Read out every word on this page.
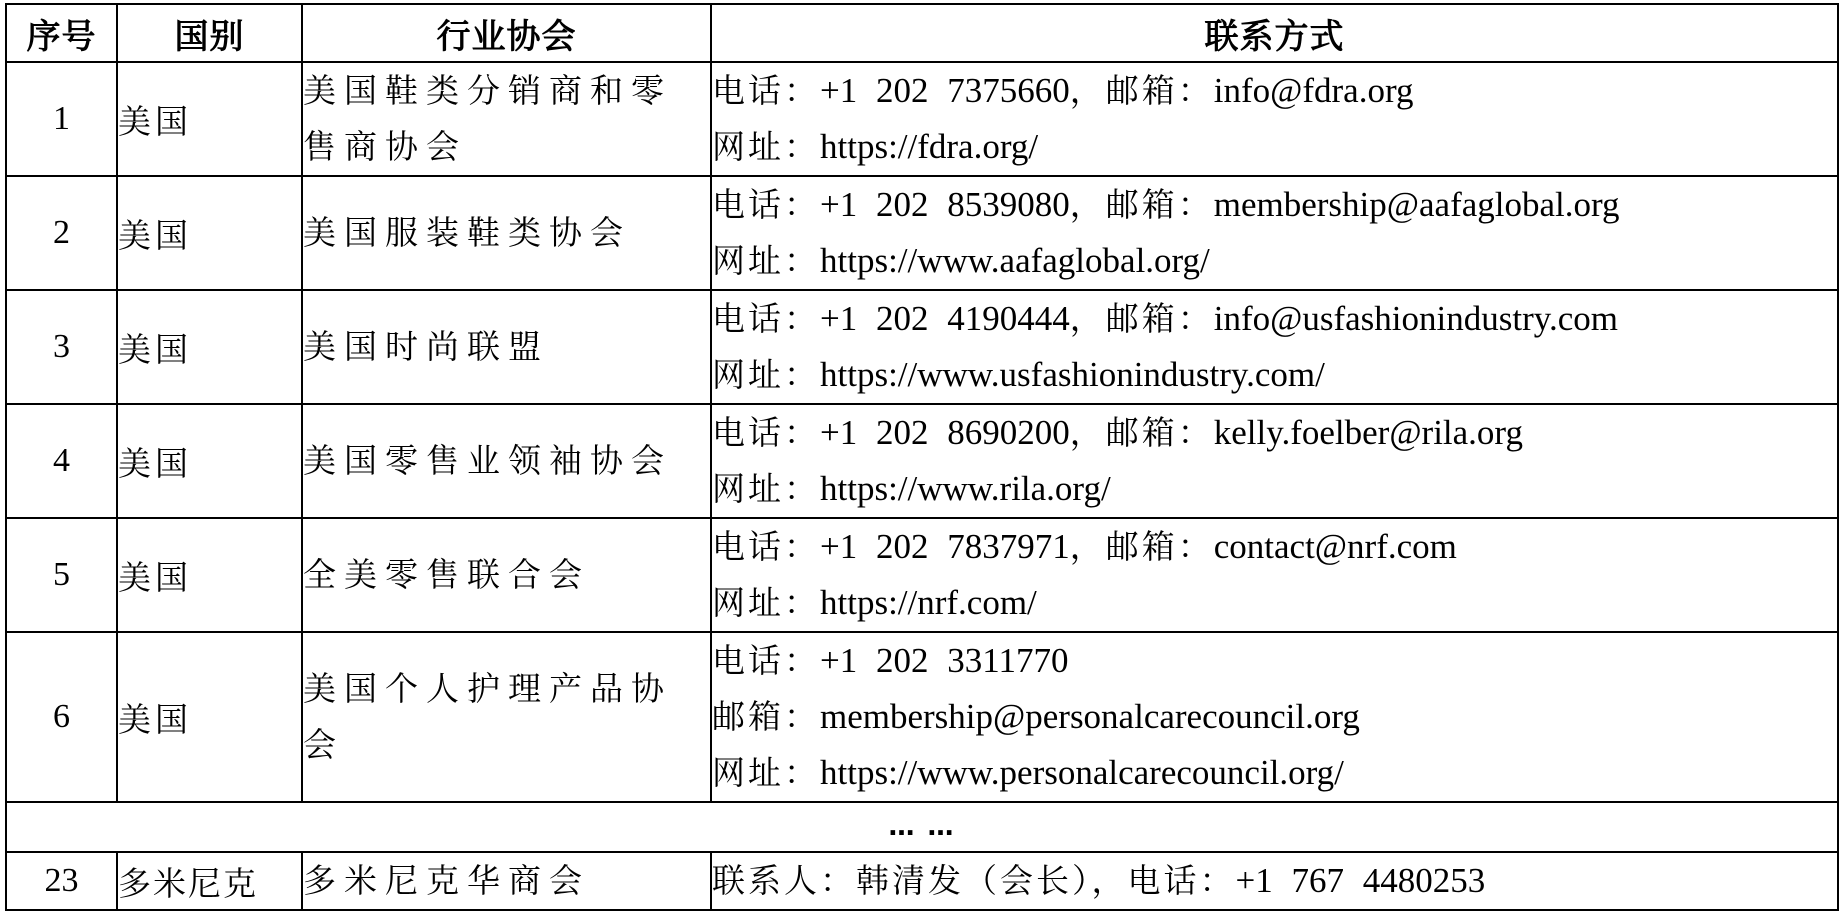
序号	国别	行业协会	联系方式
1	美国	美国鞋类分销商和零售商协会	电话：+1 202 7375660，邮箱：info@fdra.org
网址：https://fdra.org/

2	美国	美国服装鞋类协会	电话：+1 202 8539080，邮箱：membership@aafaglobal.org
网址：https://www.aafaglobal.org/

3	美国	美国时尚联盟	电话：+1 202 4190444，邮箱：info@usfashionindustry.com
网址：https://www.usfashionindustry.com/

4	美国	美国零售业领袖协会	电话：+1 202 8690200，邮箱：kelly.foelber@rila.org
网址：https://www.rila.org/

5	美国	全美零售联合会	电话：+1 202 7837971，邮箱：contact@nrf.com
网址：https://nrf.com/

6	美国	美国个人护理产品协会	电话：+1 202 3311770
邮箱：membership@personalcarecouncil.org
网址：https://www.personalcarecouncil.org/

… …			
23	多米尼克	多米尼克华商会	联系人：韩清发（会长），电话：+1 767 4480253
